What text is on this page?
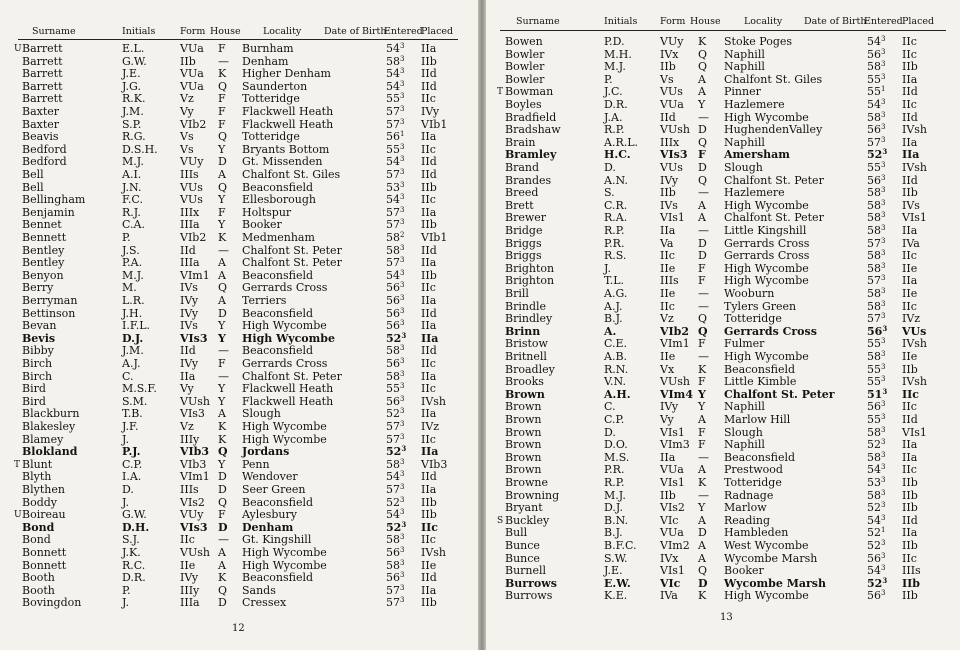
Surname	Initials	Form House Locality Date of Birth
Entered
Placed
U Barrett	E.L.	VUa F Burnham	$54^3$ IIa
Barrett	G.W.	IIb — Denham	$58^3$ IIb
Barrett	J.E.	VUa K Higher Denham	$54^3$ IId
Barrett	J.G.	VUa Q Saunderton	$54^3$ IId
Barrett	R.K.	Vz F Totteridge	$55^3$ IIc
Baxter	J.M.	Vy F Flackwell Heath	$57^3$ IVy
Baxter	S.P.	VIb2 F Flackwell Heath	$57^3$ VIb1
Beavis	R.G.	Vs Q Totteridge	$56^1$ IIa
Bedford	D.S.H. Vs Y Bryants Bottom	$55^3$ IIc
Bedford	M.J.	VUy D Gt. Missenden	$54^3$ IId
Bell	A.I.	IIIs A Chalfont St. Giles	$57^3$ IId
Bell	J.N.	VUs Q Beaconsfield	$53^3$ IIb
Bellingham	F.C.	VUs Y Ellesborough	$54^3$ IIc
Benjamin	R.J.	IIIx F Holtspur	$57^3$ IIa
Bennet	C.A.	IIIa Y Booker	$57^3$ IIb
Bennett	P.	VIb2 K Medmenham	$58^2$ VIb1
Bentley	J.S.	IId — Chalfont St. Peter	$58^3$ IId
Bentley	P.A.	IIIa A Chalfont St. Peter	$57^3$ IIa
Benyon	M.J.	VIm1 A Beaconsfield	$54^3$ IIb
Berry	M.	IVs Q Gerrards Cross	$56^3$ IIc
Berryman	L.R.	IVy A Terriers	$56^3$ IIa
Bettinson	J.H.	IVy D Beaconsfield	$56^3$ IId
Bevan	I.F.L.	IVs Y High Wycombe	$56^3$ IIa
Bevis	D.J.	VIs3 Y High Wycombe	$52^3$ IIa
Bibby	J.M.	IId — Beaconsfield	$58^3$ IId
Birch	A.J.	IVy F Gerrards Cross	$56^3$ IIc
Birch	C.	IIa — Chalfont St. Peter	$58^3$ IIa
Bird	M.S.F. Vy Y Flackwell Heath	$55^3$ IIc
Bird	S.M.	VUsh Y Flackwell Heath	$56^3$ IVsh
Blackburn	T.B.	VIs3 A Slough	$52^3$ IIa
Blakesley	J.F.	Vz K High Wycombe	$57^3$ IVz
Blamey	J.	IIIy K High Wycombe	$57^3$ IIc
Blokland	P.J.	VIb3 Q Jordans	$52^3$ IIa
T Blunt	C.P.	VIb3 Y Penn	$58^3$ VIb3
Blyth	I.A.	VIm1 D Wendover	$54^3$ IId
Blythen	D.	IIIs D Seer Green	$57^3$ IIa
Boddy	J.	VIs2 Q Beaconsfield	$52^3$ IIb
U Boireau	G.W.	VUy F Aylesbury	$54^3$ IIb
Bond	D.H.	VIs3 D Denham	$52^3$ IIc
Bond	S.J.	IIc — Gt. Kingshill	$58^3$ IIc
Bonnett	J.K.	VUsh A High Wycombe	$56^3$ IVsh
Bonnett	R.C.	IIe A High Wycombe	$58^3$ IIe
Booth	D.R.	IVy K Beaconsfield	$56^3$ IId
Booth	P.	IIIy Q Sands	$57^3$ IIa
Bovingdon	J.	IIIa D Cressex	$57^3$ IIb
12
Surname	Initials Form House Locality Date of Birth
Entered Placed
Bowen	P.D.	VUy K Stoke Poges	$54^3$ IIc
Bowler	M.H.	IVx Q Naphill	$56^3$ IIc
Bowler	M.J.	IIb Q Naphill	$58^3$ IIb
Bowler	P.	Vs A Chalfont St. Giles	$55^3$ IIa
T Bowman	J.C.	VUs A Pinner	$55^1$ IId
Boyles	D.R.	VUa Y Hazlemere	$54^3$ IIc
Bradfield	J.A.	IId — High Wycombe	$58^3$ IId
Bradshaw	R.P.	VUsh D HughendenValley	$56^3$ IVsh
Brain	A.R.L. IIIx Q Naphill	$57^3$ IIa
Bramley	H.C.	VIs3 F Amersham	$52^3$ IIa
Brand	D.	VUs D Slough	$55^3$ IVsh
Brandes	A.N.	IVy Q Chalfont St. Peter	$56^3$ IId
Breed	S.	IIb — Hazlemere	$58^3$ IIb
Brett	C.R.	IVs A High Wycombe	$58^3$ IVs
Brewer	R.A.	VIs1 A Chalfont St. Peter	$58^3$ VIs1
Bridge	R.P.	IIa — Little Kingshill	$58^3$ IIa
Briggs	P.R.	Va D Gerrards Cross	$57^3$ IVa
Briggs	R.S.	IIc D Gerrards Cross	$58^3$ IIc
Brighton	J.	IIe F High Wycombe	$58^3$ IIe
Brighton	T.L.	IIIs F High Wycombe	$57^3$ IIa
Brill	A.G.	IIe — Wooburn	$58^3$ IIe
Brindle	A.J.	IIc — Tylers Green	$58^3$ IIc
Brindley	B.J.	Vz Q Totteridge	$57^3$ IVz
Brinn	A.	VIb2 Q Gerrards Cross	$56^3$ VUs
Bristow	C.E.	VIm1 F Fulmer	$55^3$ IVsh
Britnell	A.B.	IIe — High Wycombe	$58^3$ IIe
Broadley	R.N.	Vx K Beaconsfield	$55^3$ IIb
Brooks	V.N.	VUsh F Little Kimble	$55^3$ IVsh
Brown	A.H.	VIm4 Y Chalfont St. Peter	$51^3$ IIc
Brown	C.	IVy Y Naphill	$56^3$ IIc
Brown	C.P.	Vy A Marlow Hill	$55^3$ IId
Brown	D.	VIs1 F Slough	$58^3$ VIs1
Brown	D.O.	VIm3 F Naphill	$52^3$ IIa
Brown	M.S.	IIa — Beaconsfield	$58^3$ IIa
Brown	P.R.	VUa A Prestwood	$54^3$ IIc
Browne	R.P.	VIs1 K Totteridge	$53^3$ IIb
Browning	M.J.	IIb — Radnage	$58^3$ IIb
Bryant	D.J.	VIs2 Y Marlow	$52^3$ IIb
S Buckley	B.N.	VIc A Reading	$54^3$ IId
Bull	B.J.	VUa D Hambleden	$52^1$ IIa
Bunce	B.F.C. VIm2 A West Wycombe	$52^3$ IIb
Bunce	S.W.	IVx A Wycombe Marsh	$56^3$ IIc
Burnell	J.E.	VIs1 Q Booker	$54^3$ IIIs
Burrows	E.W.	VIc D Wycombe Marsh	$52^3$ IIb
Burrows	K.E.	IVa K High Wycombe	$56^3$ IIb
13
